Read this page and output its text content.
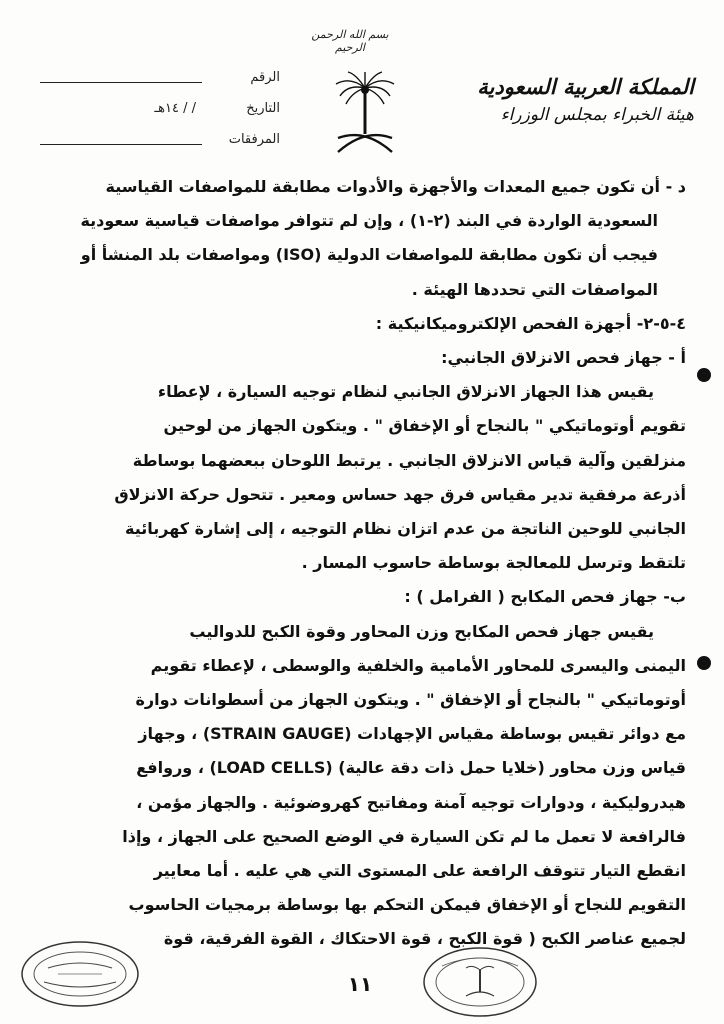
بسم الله الرحمن الرحيم
المملكة العربية السعودية
هيئة الخبراء بمجلس الوزراء
الرقم
التاريخ
/ / ١٤هـ
المرفقات
د - أن تكون جميع المعدات والأجهزة والأدوات مطابقة للمواصفات القياسية
السعودية الواردة في البند (٢-١) ، وإن لم تتوافر مواصفات قياسية سعودية
فيجب أن تكون مطابقة للمواصفات الدولية (ISO) ومواصفات بلد المنشأ أو
المواصفات التي تحددها الهيئة .
٤-٥-٢- أجهزة الفحص الإلكتروميكانيكية :
أ - جهاز فحص الانزلاق الجانبي:
يقيس هذا الجهاز الانزلاق الجانبي لنظام توجيه السيارة ، لإعطاء
تقويم أوتوماتيكي " بالنجاح أو الإخفاق " . ويتكون الجهاز من لوحين
منزلقين وآلية قياس الانزلاق الجانبي . يرتبط اللوحان ببعضهما بوساطة
أذرعة مرفقية تدير مقياس فرق جهد حساس ومعير . تتحول حركة الانزلاق
الجانبي للوحين الناتجة من عدم اتزان نظام التوجيه ، إلى إشارة كهربائية
تلتقط وترسل للمعالجة بوساطة حاسوب المسار .
ب- جهاز فحص المكابح ( الفرامل ) :
يقيس جهاز فحص المكابح وزن المحاور وقوة الكبح للدواليب
اليمنى واليسرى للمحاور الأمامية والخلفية والوسطى ، لإعطاء تقويم
أوتوماتيكي " بالنجاح أو الإخفاق " . ويتكون الجهاز من أسطوانات دوارة
مع دوائر تقيس بوساطة مقياس الإجهادات (STRAIN GAUGE) ، وجهاز
قياس وزن محاور (خلايا حمل ذات دقة عالية) (LOAD CELLS) ، وروافع
هيدروليكية ، ودوارات توجيه آمنة ومفاتيح كهروضوئية . والجهاز مؤمن ،
فالرافعة لا تعمل ما لم تكن السيارة في الوضع الصحيح على الجهاز ، وإذا
انقطع التيار تتوقف الرافعة على المستوى التي هي عليه . أما معايير
التقويم للنجاح أو الإخفاق فيمكن التحكم بها بوساطة برمجيات الحاسوب
لجميع عناصر الكبح ( قوة الكبح ، قوة الاحتكاك ، القوة الفرقية، قوة
١١
